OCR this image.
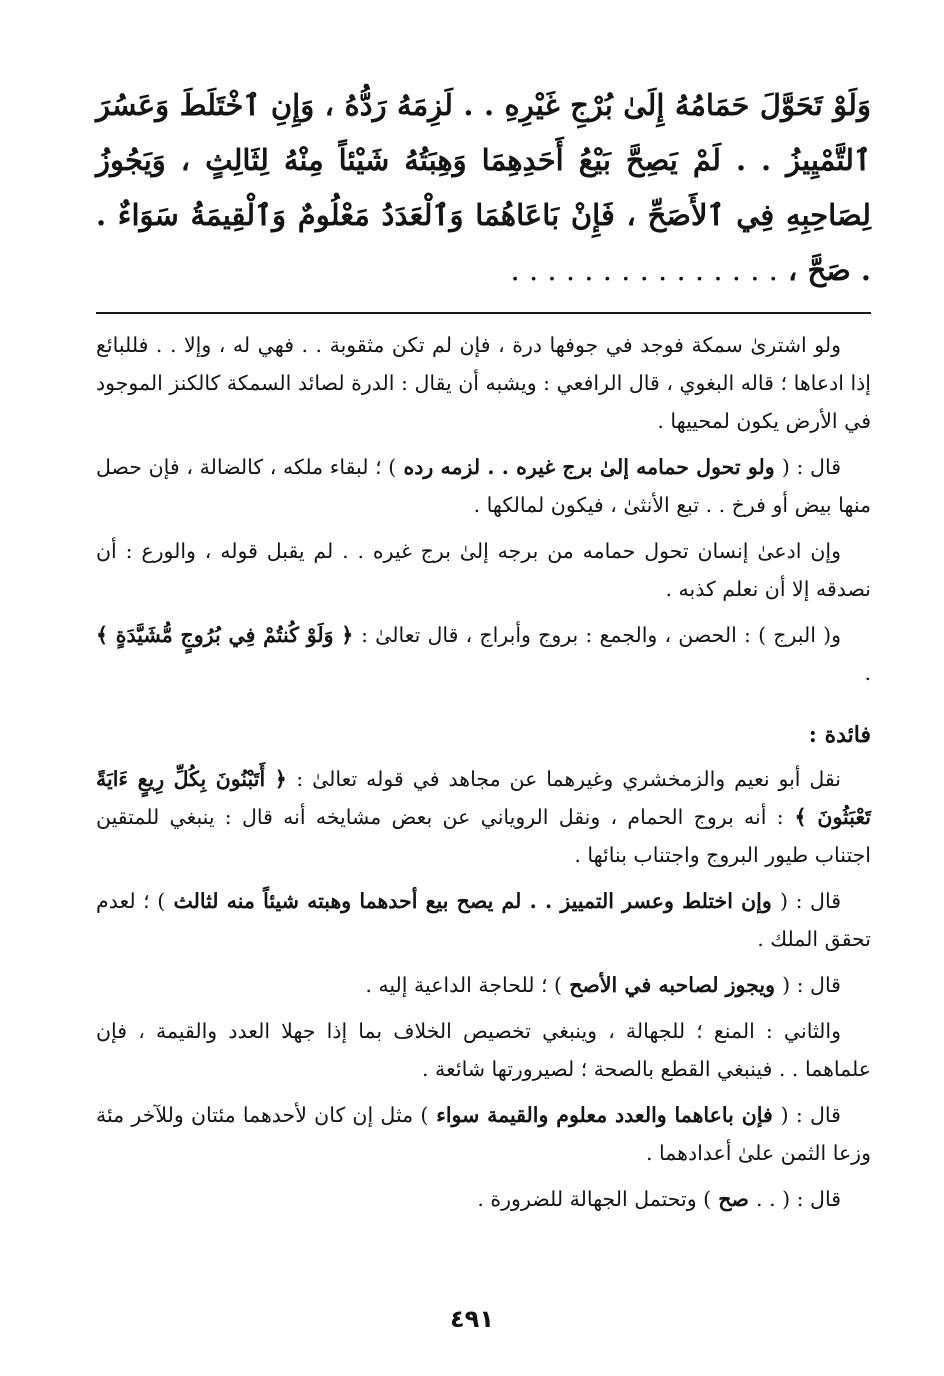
وَلَوْ تَحَوَّلَ حَمَامُهُ إِلَىٰ بُرْجِ غَيْرِهِ . . لَزِمَهُ رَدُّهُ ، وَإِنِ ٱخْتَلَطَ وَعَسُرَ ٱلتَّمْيِيزُ . . لَمْ يَصِحَّ بَيْعُ أَحَدِهِمَا وَهِبَتُهُ شَيْئاً مِنْهُ لِثَالِثٍ ، وَيَجُوزُ لِصَاحِبِهِ فِي ٱلأَصَحِّ ، فَإِنْ بَاعَاهُمَا وَٱلْعَدَدُ مَعْلُومٌ وَٱلْقِيمَةُ سَوَاءٌ . . صَحَّ ، . . . . . . . . . . . . . . .

ولو اشترىٰ سمكة فوجد في جوفها درة ، فإن لم تكن مثقوبة . . فهي له ، وإلا . . فللبائع إذا ادعاها ؛ قاله البغوي ، قال الرافعي : ويشبه أن يقال : الدرة لصائد السمكة كالكنز الموجود في الأرض يكون لمحييها .

قال : ( ولو تحول حمامه إلىٰ برج غيره . . لزمه رده ) ؛ لبقاء ملكه ، كالضالة ، فإن حصل منها بيض أو فرخ . . تبع الأنثىٰ ، فيكون لمالكها .

وإن ادعىٰ إنسان تحول حمامه من برجه إلىٰ برج غيره . . لم يقبل قوله ، والورع : أن نصدقه إلا أن نعلم كذبه .

و( البرج ) : الحصن ، والجمع : بروج وأبراج ، قال تعالىٰ : ﴿ وَلَوْ كُنتُمْ فِي بُرُوجٍ مُّشَيَّدَةٍ ﴾ .

فائدة :

نقل أبو نعيم والزمخشري وغيرهما عن مجاهد في قوله تعالىٰ : ﴿ أَتَبْنُونَ بِكُلِّ رِيعٍ ءَايَةً تَعْبَثُونَ ﴾ : أنه بروج الحمام ، ونقل الروياني عن بعض مشايخه أنه قال : ينبغي للمتقين اجتناب طيور البروج واجتناب بنائها .

قال : ( وإن اختلط وعسر التمييز . . لم يصح بيع أحدهما وهبته شيئاً منه لثالث ) ؛ لعدم تحقق الملك .

قال : ( ويجوز لصاحبه في الأصح ) ؛ للحاجة الداعية إليه .

والثاني : المنع ؛ للجهالة ، وينبغي تخصيص الخلاف بما إذا جهلا العدد والقيمة ، فإن علماهما . . فينبغي القطع بالصحة ؛ لصيرورتها شائعة .

قال : ( فإن باعاهما والعدد معلوم والقيمة سواء ) مثل إن كان لأحدهما مئتان وللآخر مئة وزعا الثمن علىٰ أعدادهما .

قال : ( . . صح ) وتحتمل الجهالة للضرورة .

٤٩١
